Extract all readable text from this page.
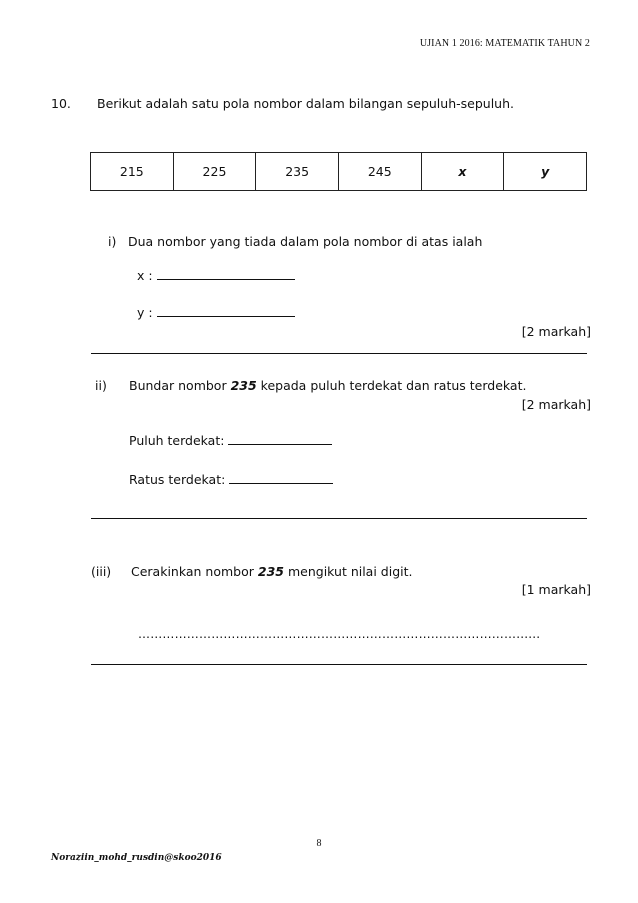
UJIAN 1 2016: MATEMATIK TAHUN 2
10. Berikut adalah satu pola nombor dalam bilangan sepuluh-sepuluh.
215	225	235	245	x	y
i) Dua nombor yang tiada dalam pola nombor di atas ialah
x :
y :
[2 markah]
ii) Bundar nombor 235 kepada puluh terdekat dan ratus terdekat.
[2 markah]
Puluh terdekat:
Ratus terdekat:
(iii) Cerakinkan nombor 235 mengikut nilai digit.
[1 markah]
…………………………………………………………………………………......
8
Noraziin_mohd_rusdin@skoo2016
